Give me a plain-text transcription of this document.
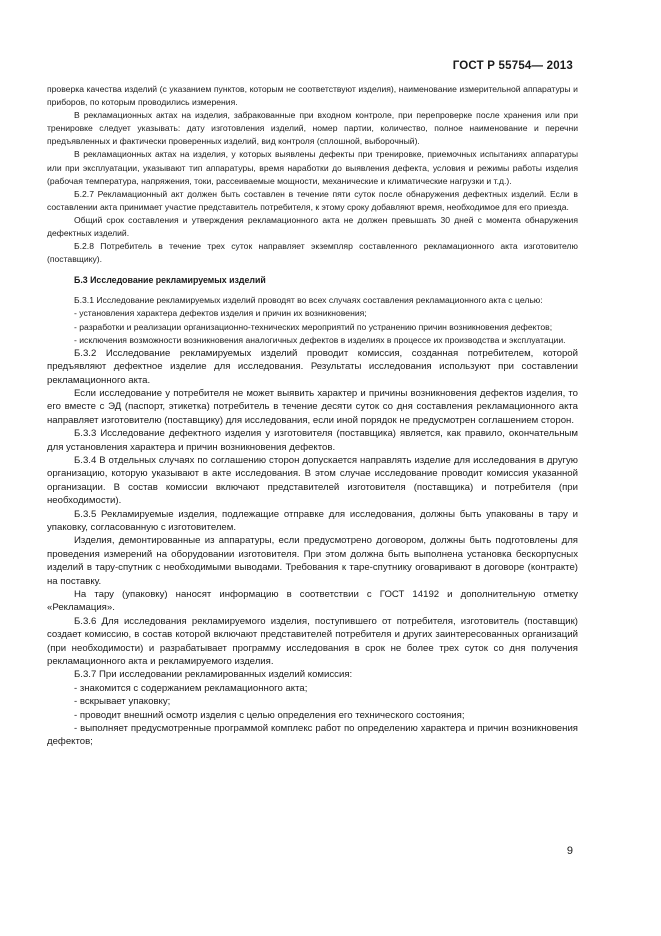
ГОСТ Р 55754— 2013

проверка качества изделий (с указанием пунктов, которым не соответствуют изделия), наименование измерительной аппаратуры и приборов, по которым проводились измерения.

В рекламационных актах на изделия, забракованные при входном контроле, при перепроверке после хранения или при тренировке следует указывать: дату изготовления изделий, номер партии, количество, полное наименование и перечни предъявленных и фактически проверенных изделий, вид контроля (сплошной, выборочный).

В рекламационных актах на изделия, у которых выявлены дефекты при тренировке, приемочных испытаниях аппаратуры или при эксплуатации, указывают тип аппаратуры, время наработки до выявления дефекта, условия и режимы работы изделия (рабочая температура, напряжения, токи, рассеиваемые мощности, механические и климатические нагрузки и т.д.).

Б.2.7 Рекламационный акт должен быть составлен в течение пяти суток после обнаружения дефектных изделий. Если в составлении акта принимает участие представитель потребителя, к этому сроку добавляют время, необходимое для его приезда.

Общий срок составления и утверждения рекламационного акта не должен превышать 30 дней с момента обнаружения дефектных изделий.

Б.2.8 Потребитель в течение трех суток направляет экземпляр составленного рекламационного акта изготовителю (поставщику).

Б.3 Исследование рекламируемых изделий

Б.3.1 Исследование рекламируемых изделий проводят во всех случаях составления рекламационного акта с целью:

- установления характера дефектов изделия и причин их возникновения;

- разработки и реализации организационно-технических мероприятий по устранению причин возникновения дефектов;

- исключения возможности возникновения аналогичных дефектов в изделиях в процессе их производства и эксплуатации.

Б.3.2 Исследование рекламируемых изделий проводит комиссия, созданная потребителем, которой предъявляют дефектное изделие для исследования. Результаты исследования используют при составлении рекламационного акта.

Если исследование у потребителя не может выявить характер и причины возникновения дефектов изделия, то его вместе с ЭД (паспорт, этикетка) потребитель в течение десяти суток со дня составления рекламационного акта направляет изготовителю (поставщику) для исследования, если иной порядок не предусмотрен соглашением сторон.

Б.3.3 Исследование дефектного изделия у изготовителя (поставщика) является, как правило, окончательным для установления характера и причин возникновения дефектов.

Б.3.4 В отдельных случаях по соглашению сторон допускается направлять изделие для исследования в другую организацию, которую указывают в акте исследования. В этом случае исследование проводит комиссия указанной организации. В состав комиссии включают представителей изготовителя (поставщика) и потребителя (при необходимости).

Б.3.5 Рекламируемые изделия, подлежащие отправке для исследования, должны быть упакованы в тару и упаковку, согласованную с изготовителем.

Изделия, демонтированные из аппаратуры, если предусмотрено договором, должны быть подготовлены для проведения измерений на оборудовании изготовителя. При этом должна быть выполнена установка бескорпусных изделий в тару-спутник с необходимыми выводами. Требования к таре-спутнику оговаривают в договоре (контракте) на поставку.

На тару (упаковку) наносят информацию в соответствии с ГОСТ 14192 и дополнительную отметку «Рекламация».

Б.3.6 Для исследования рекламируемого изделия, поступившего от потребителя, изготовитель (поставщик) создает комиссию, в состав которой включают представителей потребителя и других заинтересованных организаций (при необходимости) и разрабатывает программу исследования в срок не более трех суток со дня получения рекламационного акта и рекламируемого изделия.

Б.3.7 При исследовании рекламированных изделий комиссия:

- знакомится с содержанием рекламационного акта;

- вскрывает упаковку;

- проводит внешний осмотр изделия с целью определения его технического состояния;

- выполняет предусмотренные программой комплекс работ по определению характера и причин возникновения дефектов;

9
